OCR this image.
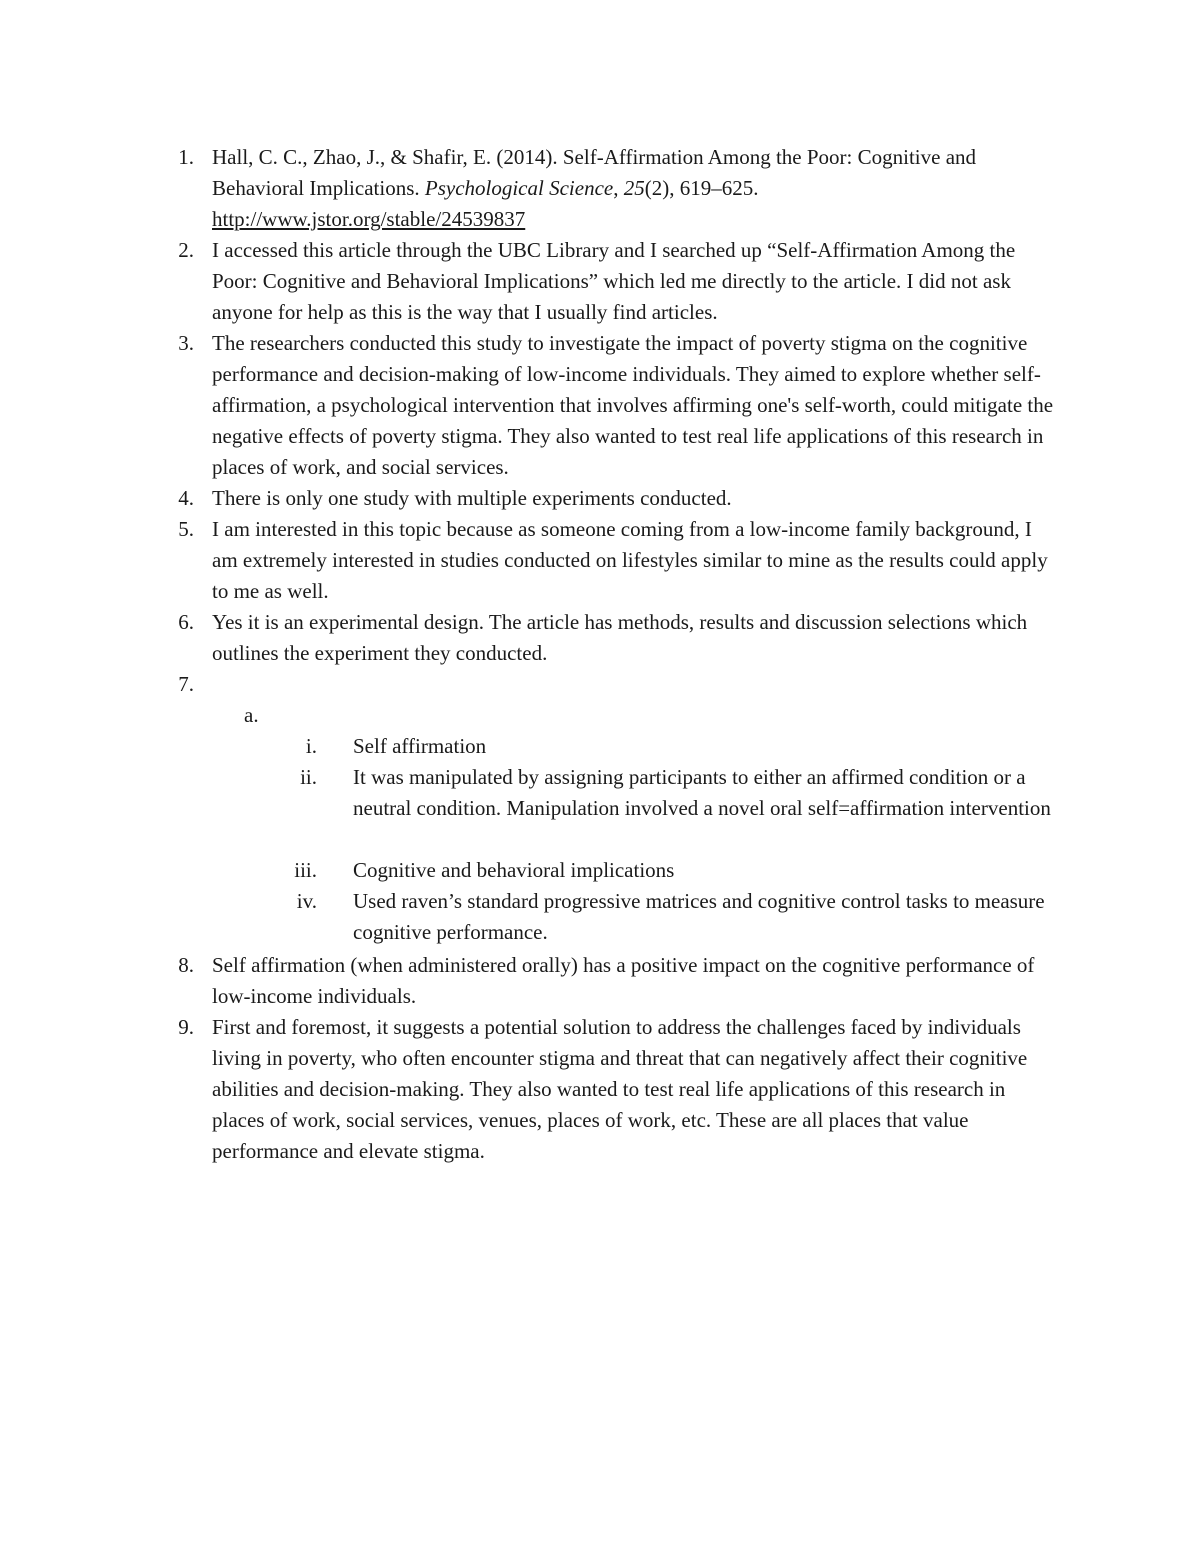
1. Hall, C. C., Zhao, J., & Shafir, E. (2014). Self-Affirmation Among the Poor: Cognitive and Behavioral Implications. Psychological Science, 25(2), 619–625.
http://www.jstor.org/stable/24539837
2. I accessed this article through the UBC Library and I searched up “Self-Affirmation Among the Poor: Cognitive and Behavioral Implications” which led me directly to the article. I did not ask anyone for help as this is the way that I usually find articles.
3. The researchers conducted this study to investigate the impact of poverty stigma on the cognitive performance and decision-making of low-income individuals. They aimed to explore whether self-affirmation, a psychological intervention that involves affirming one's self-worth, could mitigate the negative effects of poverty stigma. They also wanted to test real life applications of this research in places of work, and social services.
4. There is only one study with multiple experiments conducted.
5. I am interested in this topic because as someone coming from a low-income family background, I am extremely interested in studies conducted on lifestyles similar to mine as the results could apply to me as well.
6. Yes it is an experimental design. The article has methods, results and discussion selections which outlines the experiment they conducted.
7.
a.
i. Self affirmation
ii. It was manipulated by assigning participants to either an affirmed condition or a neutral condition. Manipulation involved a novel oral self=affirmation intervention
iii. Cognitive and behavioral implications
iv. Used raven’s standard progressive matrices and cognitive control tasks to measure cognitive performance.
8. Self affirmation (when administered orally) has a positive impact on the cognitive performance of low-income individuals.
9. First and foremost, it suggests a potential solution to address the challenges faced by individuals living in poverty, who often encounter stigma and threat that can negatively affect their cognitive abilities and decision-making. They also wanted to test real life applications of this research in places of work, social services, venues, places of work, etc. These are all places that value performance and elevate stigma.
